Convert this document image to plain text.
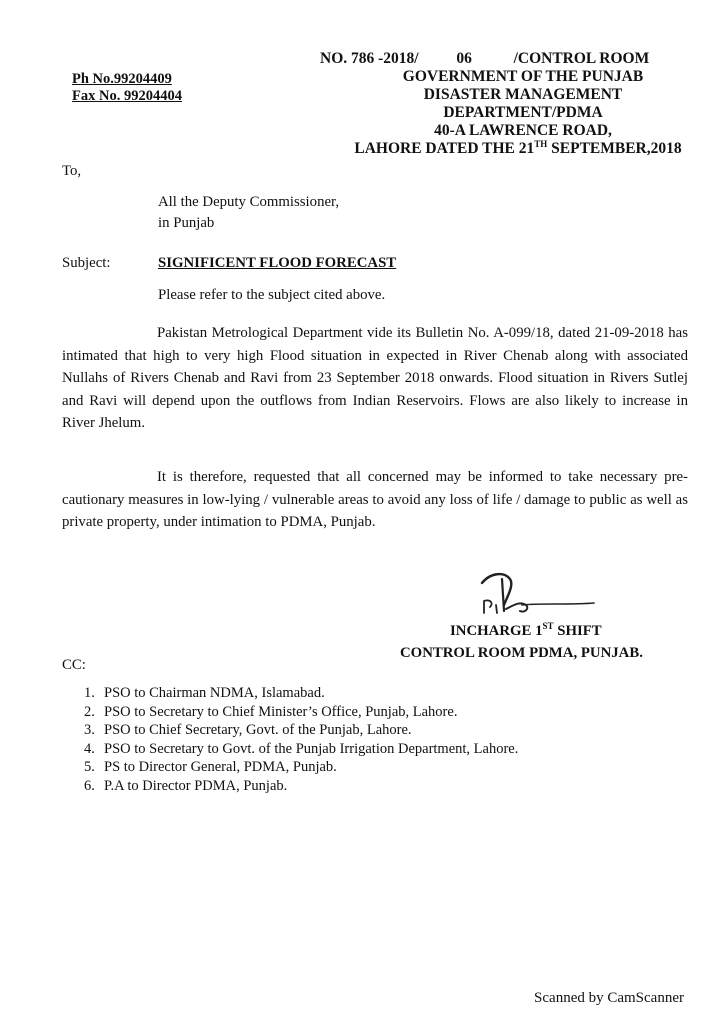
NO. 786 -2018/ 06	/CONTROL ROOM
GOVERNMENT OF THE PUNJAB
DISASTER MANAGEMENT
DEPARTMENT/PDMA
40-A LAWRENCE ROAD,
LAHORE DATED THE 21TH SEPTEMBER,2018
Ph No.99204409
Fax No. 99204404
To,
All the Deputy Commissioner,
in Punjab
Subject:	SIGNIFICENT FLOOD FORECAST
Please refer to the subject cited above.
Pakistan Metrological Department vide its Bulletin No. A-099/18, dated 21-09-2018 has intimated that high to very high Flood situation in expected in River Chenab along with associated Nullahs of Rivers Chenab and Ravi from 23 September 2018 onwards. Flood situation in Rivers Sutlej and Ravi will depend upon the outflows from Indian Reservoirs. Flows are also likely to increase in River Jhelum.
It is therefore, requested that all concerned may be informed to take necessary pre-cautionary measures in low-lying / vulnerable areas to avoid any loss of life / damage to public as well as private property, under intimation to PDMA, Punjab.
INCHARGE 1ST SHIFT
CONTROL ROOM PDMA, PUNJAB.
CC:
1. PSO to Chairman NDMA, Islamabad.
2. PSO to Secretary to Chief Minister’s Office, Punjab, Lahore.
3. PSO to Chief Secretary, Govt. of the Punjab, Lahore.
4. PSO to Secretary to Govt. of the Punjab Irrigation Department, Lahore.
5. PS to Director General, PDMA, Punjab.
6. P.A to Director PDMA, Punjab.
Scanned by CamScanner
